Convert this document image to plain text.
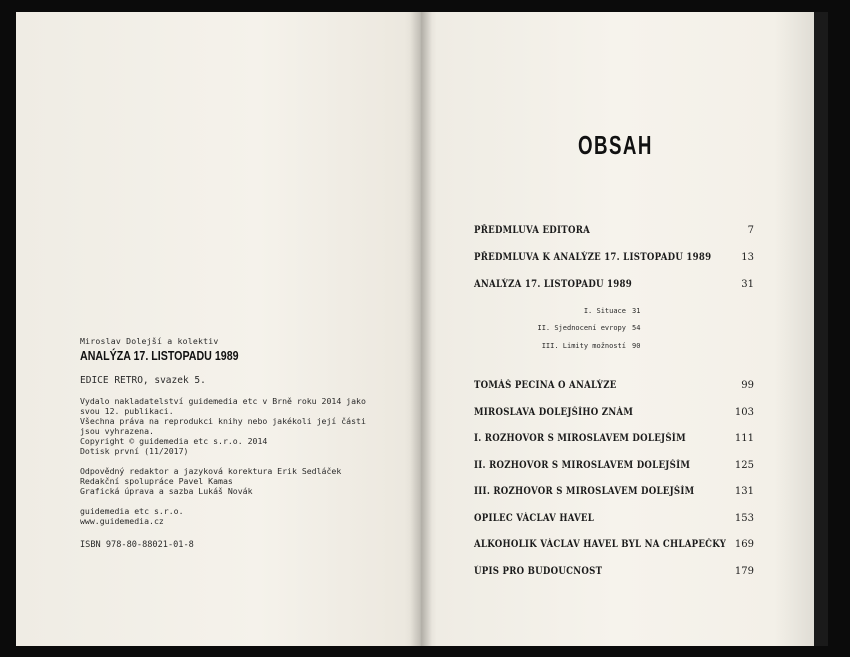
Miroslav Dolejší a kolektiv
ANALÝZA 17. LISTOPADU 1989
EDICE RETRO, svazek 5.
Vydalo nakladatelství guidemedia etc v Brně roku 2014 jako
svou 12. publikaci.
Všechna práva na reprodukci knihy nebo jakékoli její části
jsou vyhrazena.
Copyright © guidemedia etc s.r.o. 2014
Dotisk první (11/2017)
Odpovědný redaktor a jazyková korektura Erik Sedláček
Redakční spolupráce Pavel Kamas
Grafická úprava a sazba Lukáš Novák
guidemedia etc s.r.o.
www.guidemedia.cz
ISBN 978-80-88021-01-8
OBSAH
PŘEDMLUVA EDITORA	7
PŘEDMLUVA K ANALÝZE 17. LISTOPADU 1989	13
ANALÝZA 17. LISTOPADU 1989	31
I. Situace 31
II. Sjednocení evropy 54
III. Limity možností 90
TOMÁŠ PECINA O ANALÝZE	99
MIROSLAVA DOLEJŠÍHO ZNÁM	103
I. ROZHOVOR S MIROSLAVEM DOLEJŠÍM	111
II. ROZHOVOR S MIROSLAVEM DOLEJŠÍM	125
III. ROZHOVOR S MIROSLAVEM DOLEJŠÍM	131
OPILEC VÁCLAV HAVEL	153
ALKOHOLIK VÁCLAV HAVEL BYL NA CHLAPEČKY 169
ÚPIS PRO BUDOUCNOST	179
